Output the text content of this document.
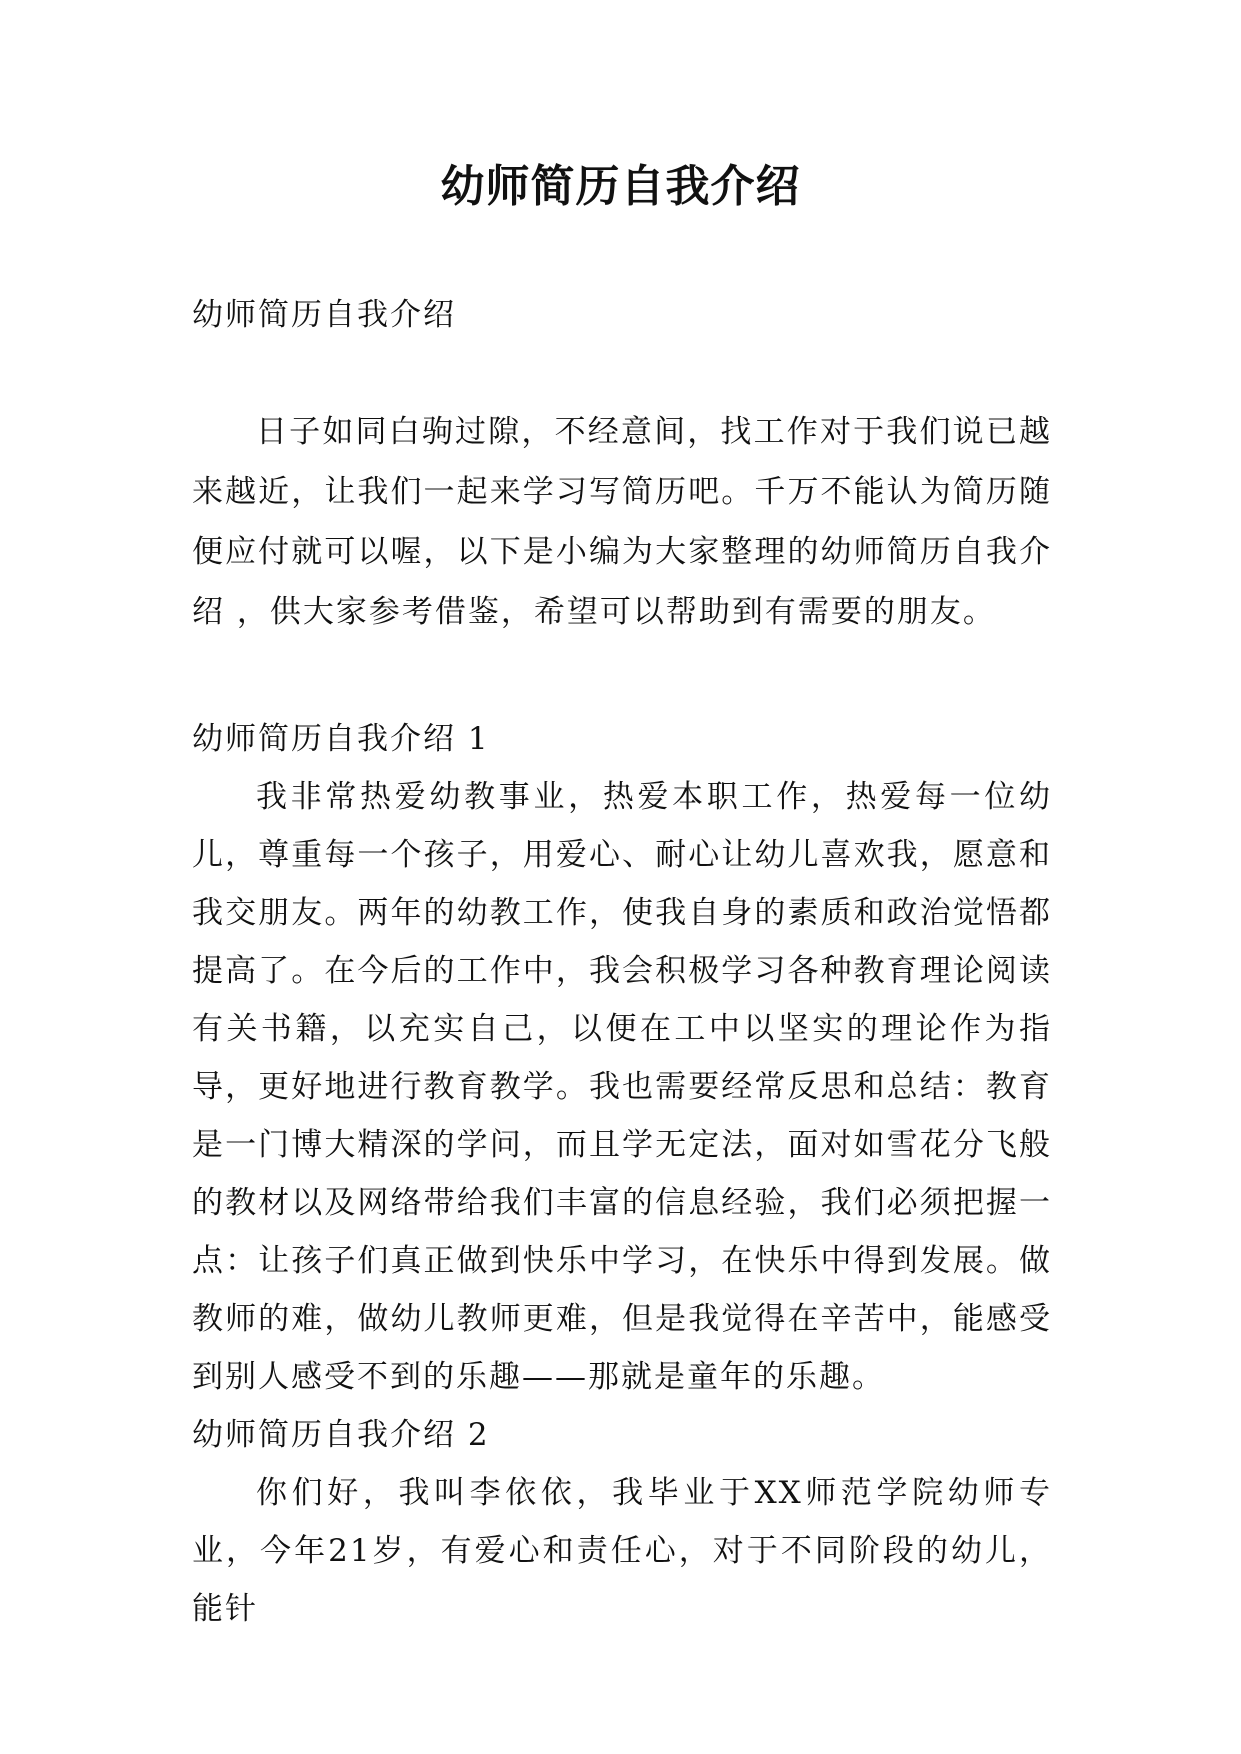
幼师简历自我介绍

幼师简历自我介绍

日子如同白驹过隙，不经意间，找工作对于我们说已越来越近，让我们一起来学习写简历吧。千万不能认为简历随便应付就可以喔，以下是小编为大家整理的幼师简历自我介绍 ，供大家参考借鉴，希望可以帮助到有需要的朋友。

幼师简历自我介绍 1

我非常热爱幼教事业，热爱本职工作，热爱每一位幼儿，尊重每一个孩子，用爱心、耐心让幼儿喜欢我，愿意和我交朋友。两年的幼教工作，使我自身的素质和政治觉悟都提高了。在今后的工作中，我会积极学习各种教育理论阅读有关书籍，以充实自己，以便在工中以坚实的理论作为指导，更好地进行教育教学。我也需要经常反思和总结：教育是一门博大精深的学问，而且学无定法，面对如雪花分飞般的教材以及网络带给我们丰富的信息经验，我们必须把握一点：让孩子们真正做到快乐中学习，在快乐中得到发展。做教师的难，做幼儿教师更难，但是我觉得在辛苦中，能感受到别人感受不到的乐趣——那就是童年的乐趣。

幼师简历自我介绍 2

你们好，我叫李依依，我毕业于XX师范学院幼师专业，今年21岁，有爱心和责任心，对于不同阶段的幼儿，能针
